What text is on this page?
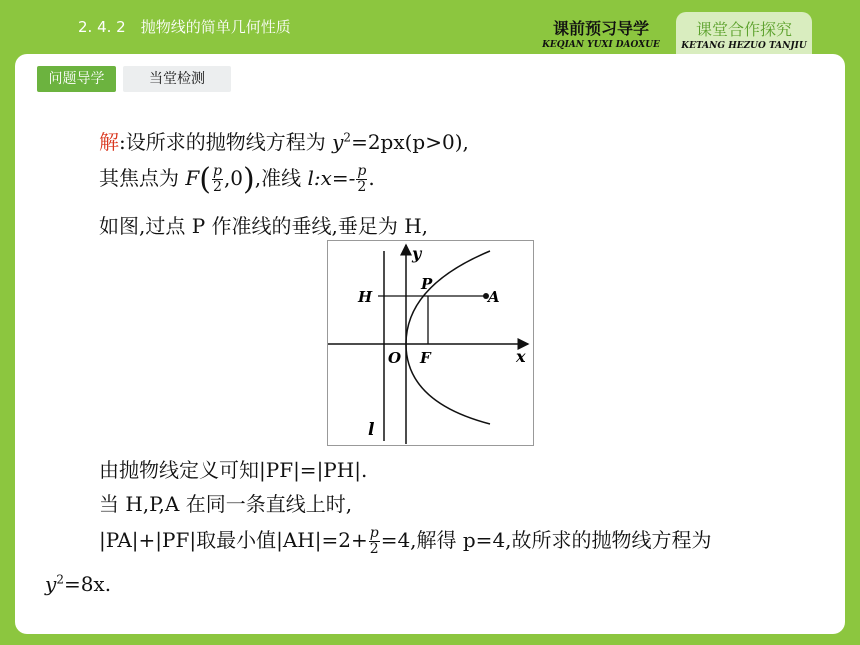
2. 4. 2　抛物线的简单几何性质	课前预习导学
KEQIAN YUXI DAOXUE
课堂合作探究
KETANG HEZUO TANJIU
问题导学	当堂检测
解:设所求的抛物线方程为 $y^2=2px(p>0)$,
其焦点为 $F( \frac{p}{2} ,0)$,准线 l:x=- $\frac{p}{2}$ .
如图,过点 P 作准线的垂线,垂足为 H,
y
x
H
P
A
O F
l
由抛物线定义可知|PF|=|PH|.
当 H,P,A 在同一条直线上时,
|PA|+|PF|取最小值$|AH|=2+ \frac{p}{2} =4$,解得 p=4,故所求的抛物线方程为
$y^2=8x$.
